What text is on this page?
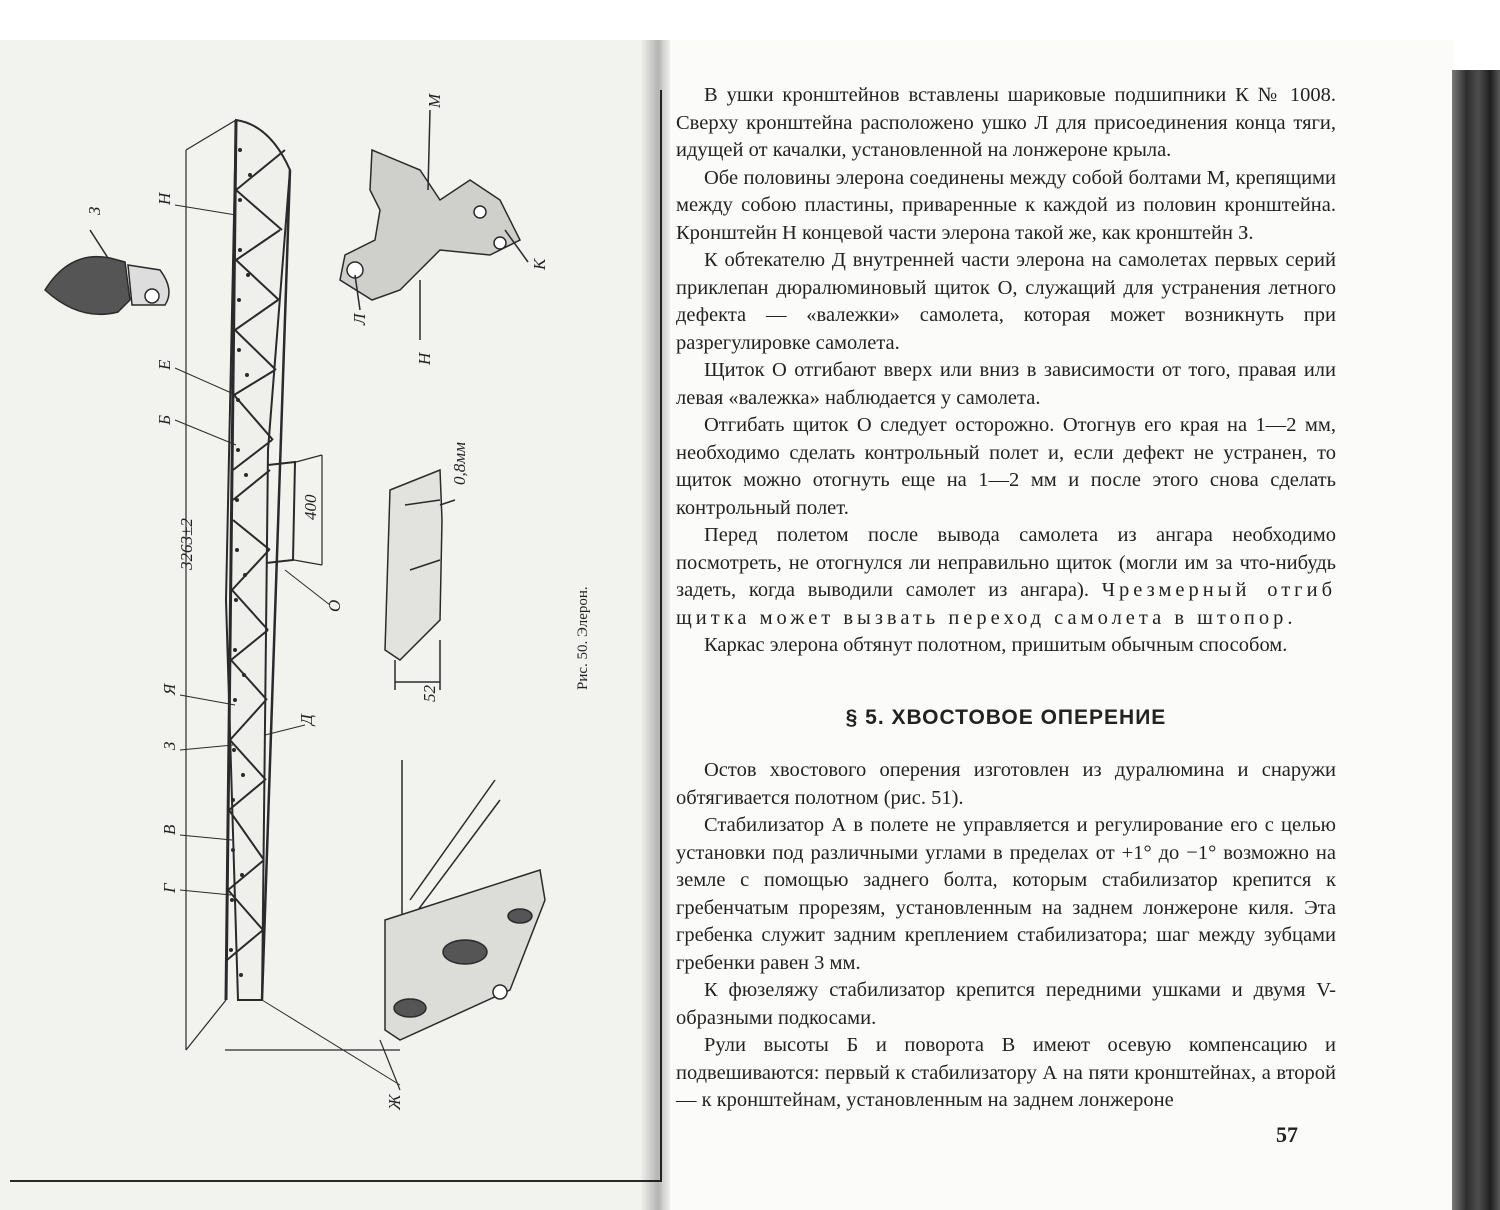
З
Н
Е
Б
Я
З
В
Г
Д
Ж
О
Л
М
К
Н
3263±2
400
52
0,8мм
Рис. 50. Элерон.

В ушки кронштейнов вставлены шариковые подшипники К № 1008. Сверху кронштейна расположено ушко Л для присоединения конца тяги, идущей от качалки, установленной на лонжероне крыла.

Обе половины элерона соединены между собой болтами М, крепящими между собою пластины, приваренные к каждой из половин кронштейна. Кронштейн Н концевой части элерона такой же, как кронштейн З.

К обтекателю Д внутренней части элерона на самолетах первых серий приклепан дюралюминовый щиток О, служащий для устранения летного дефекта — «валежки» самолета, которая может возникнуть при разрегулировке самолета.

Щиток О отгибают вверх или вниз в зависимости от того, правая или левая «валежка» наблюдается у самолета.

Отгибать щиток О следует осторожно. Отогнув его края на 1—2 мм, необходимо сделать контрольный полет и, если дефект не устранен, то щиток можно отогнуть еще на 1—2 мм и после этого снова сделать контрольный полет.

Перед полетом после вывода самолета из ангара необходимо посмотреть, не отогнулся ли неправильно щиток (могли им за что-нибудь задеть, когда выводили самолет из ангара). Чрезмерный отгиб щитка может вызвать переход самолета в штопор.

Каркас элерона обтянут полотном, пришитым обычным способом.

§ 5. ХВОСТОВОЕ ОПЕРЕНИЕ

Остов хвостового оперения изготовлен из дуралюмина и снаружи обтягивается полотном (рис. 51).

Стабилизатор А в полете не управляется и регулирование его с целью установки под различными углами в пределах от +1° до −1° возможно на земле с помощью заднего болта, которым стабилизатор крепится к гребенчатым прорезям, установленным на заднем лонжероне киля. Эта гребенка служит задним креплением стабилизатора; шаг между зубцами гребенки равен 3 мм.

К фюзеляжу стабилизатор крепится передними ушками и двумя V-образными подкосами.

Рули высоты Б и поворота В имеют осевую компенсацию и подвешиваются: первый к стабилизатору А на пяти кронштейнах, а второй — к кронштейнам, установленным на заднем лонжероне

57
